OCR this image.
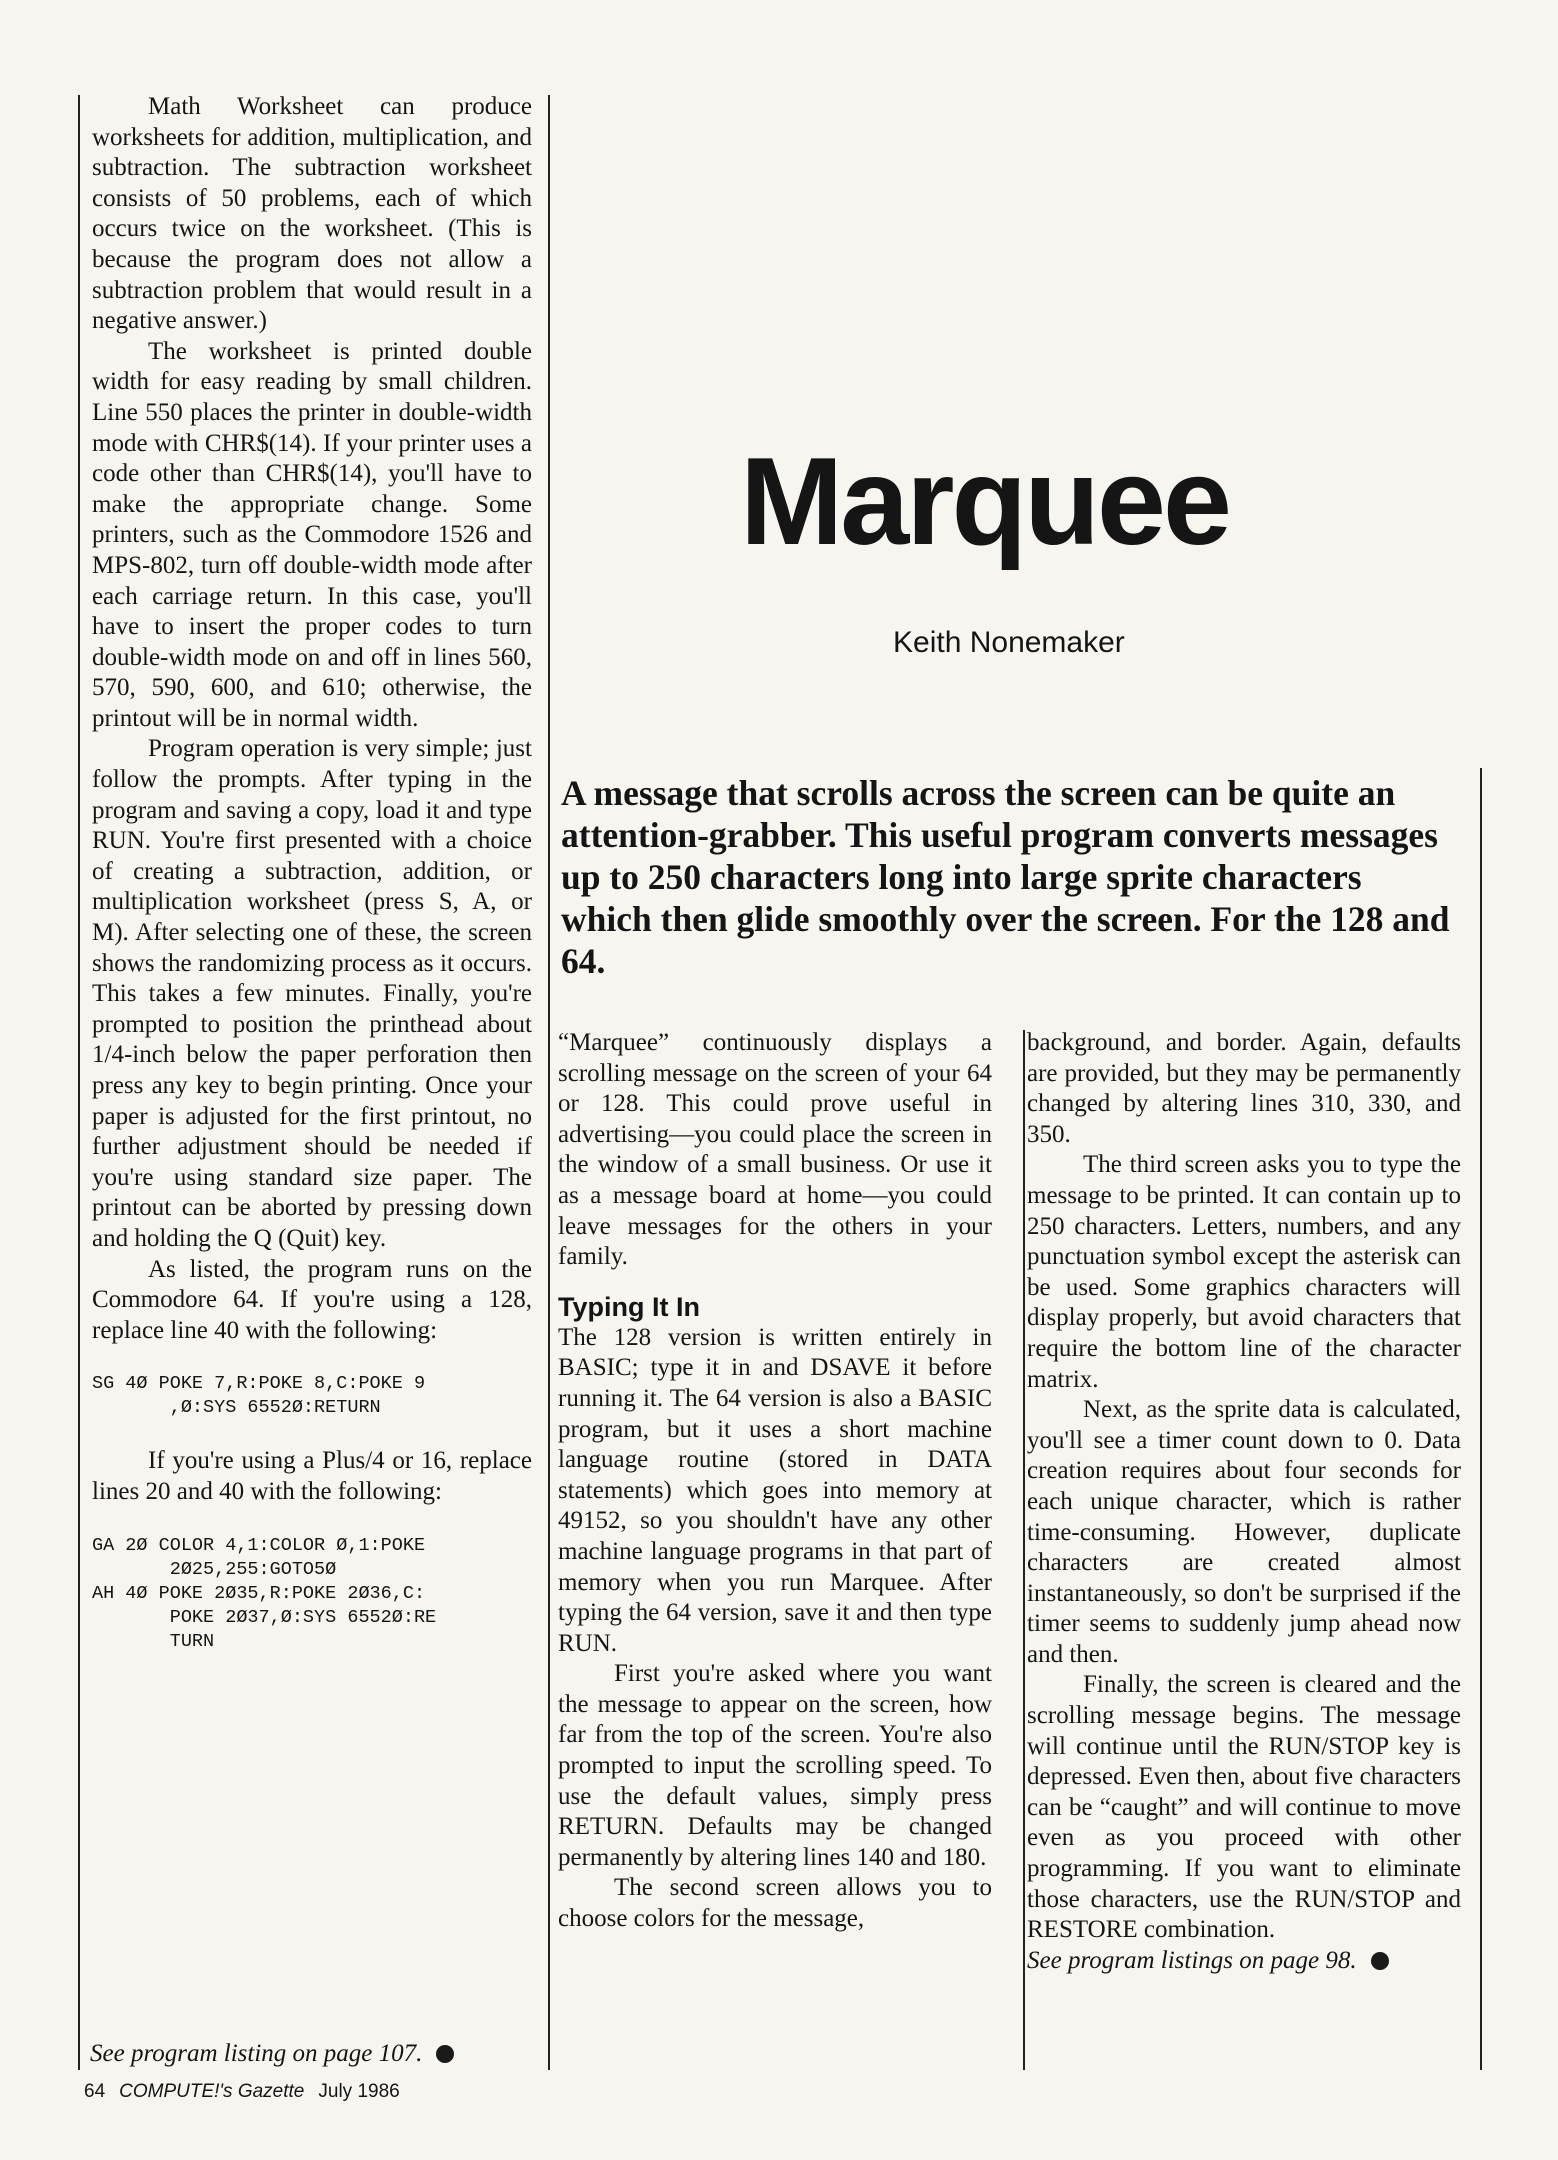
Math Worksheet can produce worksheets for addition, multiplication, and subtraction. The subtraction worksheet consists of 50 problems, each of which occurs twice on the worksheet. (This is because the program does not allow a subtraction problem that would result in a negative answer.)

The worksheet is printed double width for easy reading by small children. Line 550 places the printer in double-width mode with CHR$(14). If your printer uses a code other than CHR$(14), you'll have to make the appropriate change. Some printers, such as the Commodore 1526 and MPS-802, turn off double-width mode after each carriage return. In this case, you'll have to insert the proper codes to turn double-width mode on and off in lines 560, 570, 590, 600, and 610; otherwise, the printout will be in normal width.

Program operation is very simple; just follow the prompts. After typing in the program and saving a copy, load it and type RUN. You're first presented with a choice of creating a subtraction, addition, or multiplication worksheet (press S, A, or M). After selecting one of these, the screen shows the randomizing process as it occurs. This takes a few minutes. Finally, you're prompted to position the printhead about 1/4-inch below the paper perforation then press any key to begin printing. Once your paper is adjusted for the first printout, no further adjustment should be needed if you're using standard size paper. The printout can be aborted by pressing down and holding the Q (Quit) key.

As listed, the program runs on the Commodore 64. If you're using a 128, replace line 40 with the following:

SG 4Ø POKE 7,R:POKE 8,C:POKE 9
,Ø:SYS 6552Ø:RETURN

If you're using a Plus/4 or 16, replace lines 20 and 40 with the following:

GA 2Ø COLOR 4,1:COLOR Ø,1:POKE
2Ø25,255:GOTO5Ø
AH 4Ø POKE 2Ø35,R:POKE 2Ø36,C:
POKE 2Ø37,Ø:SYS 6552Ø:RE
TURN
See program listing on page 107.
Marquee
Keith Nonemaker
A message that scrolls across the screen can be quite an attention-grabber. This useful program converts messages up to 250 characters long into large sprite characters which then glide smoothly over the screen. For the 128 and 64.

“Marquee” continuously displays a scrolling message on the screen of your 64 or 128. This could prove useful in advertising—you could place the screen in the window of a small business. Or use it as a message board at home—you could leave messages for the others in your family.

Typing It In

The 128 version is written entirely in BASIC; type it in and DSAVE it before running it. The 64 version is also a BASIC program, but it uses a short machine language routine (stored in DATA statements) which goes into memory at 49152, so you shouldn't have any other machine language programs in that part of memory when you run Marquee. After typing the 64 version, save it and then type RUN.

First you're asked where you want the message to appear on the screen, how far from the top of the screen. You're also prompted to input the scrolling speed. To use the default values, simply press RETURN. Defaults may be changed permanently by altering lines 140 and 180.

The second screen allows you to choose colors for the message,

background, and border. Again, defaults are provided, but they may be permanently changed by altering lines 310, 330, and 350.

The third screen asks you to type the message to be printed. It can contain up to 250 characters. Letters, numbers, and any punctuation symbol except the asterisk can be used. Some graphics characters will display properly, but avoid characters that require the bottom line of the character matrix.

Next, as the sprite data is calculated, you'll see a timer count down to 0. Data creation requires about four seconds for each unique character, which is rather time-consuming. However, duplicate characters are created almost instantaneously, so don't be surprised if the timer seems to suddenly jump ahead now and then.

Finally, the screen is cleared and the scrolling message begins. The message will continue until the RUN/STOP key is depressed. Even then, about five characters can be “caught” and will continue to move even as you proceed with other programming. If you want to eliminate those characters, use the RUN/STOP and RESTORE combination.

See program listings on page 98.
64 COMPUTE!'s Gazette July 1986
